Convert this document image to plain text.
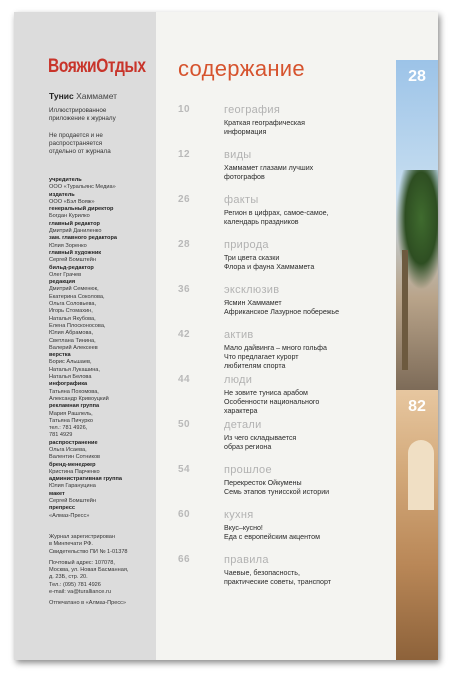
ВояжиОтдых
Тунис Хаммамет
Иллюстрированное
приложение к журналу

Не продается и не
распространяется
отдельно от журнала
учредитель
ООО «Туральянс Медиа»
издатель
ООО «Бэл Вояж»
генеральный директор
Богдан Курилко
главный редактор
Дмитрий Даниленко
зам. главного редактора
Юлия Зоренко
главный художник
Сергей Бомштейн
бильд-редактор
Олег Грачев
редакция
Дмитрий Семенюк,
Екатерина Соколова,
Ольга Соловьева,
Игорь Стомахин,
Наталья Якубова,
Елена Плосконосова,
Юлия Абрамова,
Светлана Тинина,
Валерий Алексеев
верстка
Борис Альшаев,
Наталья Лукашина,
Наталья Белова
инфографика
Татьяна Похомова,
Александр Кривоуцкий
рекламная группа
Мария Рашлель,
Татьяна Пичурко
тел.: 781 4926,
781 4929
распространение
Ольга Исаева,
Валентин Сотников
бренд-менеджер
Кристина Парченко
административная группа
Юлия Гарануцина
макет
Сергей Бомштейн
препресс
«Алмаз-Пресс»
Журнал зарегистрирован
в Минпечати РФ.
Свидетельство ПИ № 1-01378
Почтовый адрес: 107078,
Москва, ул. Новая Басманная,
д. 23Б, стр. 20.
Тел.: (095) 781 4926
e-mail: va@turalliance.ru
Отпечатано в «Алмаз-Пресс»
содержание
10	география
Краткая географическая
информация
12	виды
Хаммамет глазами лучших
фотографов
26	факты
Регион в цифрах, самое-самое,
календарь праздников
28	природа
Три цвета сказки
Флора и фауна Хаммамета
36	эксклюзив
Ясмин Хаммамет
Африканское Лазурное побережье
42	актив
Мало дайвинга – много гольфа
Что предлагает курорт
любителям спорта
44	люди
Не зовите туниса арабом
Особенности национального
характера
50	детали
Из чего складывается
образ региона
54	прошлое
Перекресток Ойкумены
Семь этапов тунисской истории
60	кухня
Вкус–кусно!
Еда с европейским акцентом
66	правила
Чаевые, безопасность,
практические советы, транспорт
28
82
